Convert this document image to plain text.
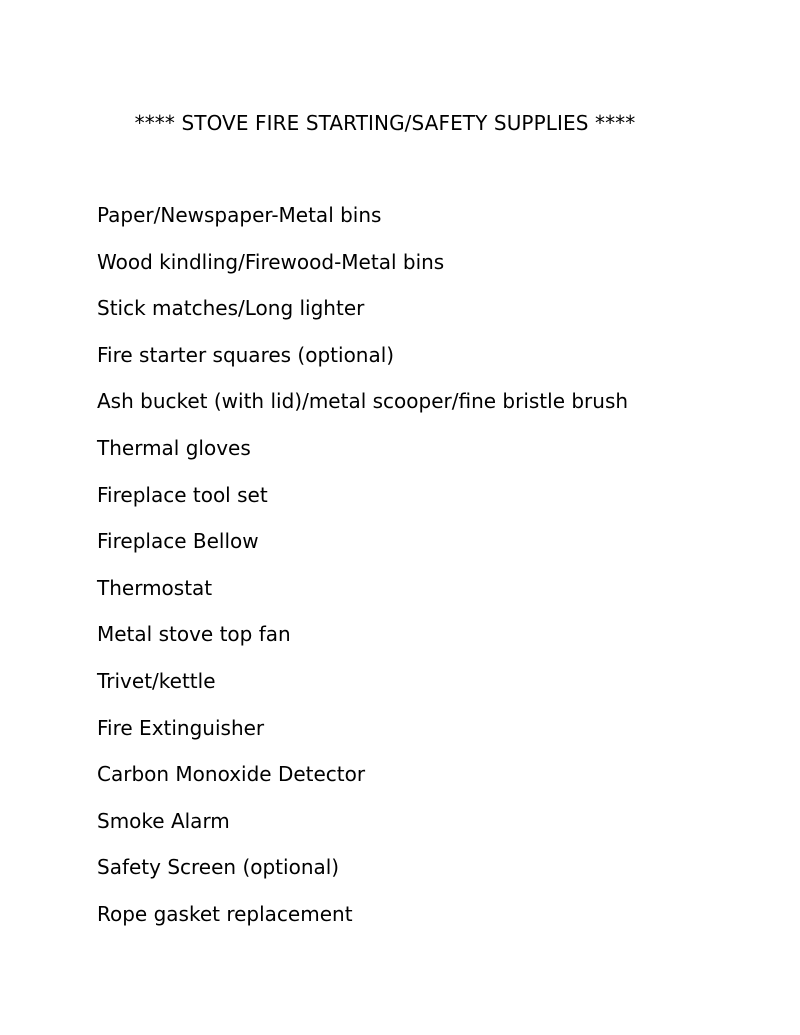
**** STOVE FIRE STARTING/SAFETY SUPPLIES ****
Paper/Newspaper-Metal bins
Wood kindling/Firewood-Metal bins
Stick matches/Long lighter
Fire starter squares (optional)
Ash bucket (with lid)/metal scooper/fine bristle brush
Thermal gloves
Fireplace tool set
Fireplace Bellow
Thermostat
Metal stove top fan
Trivet/kettle
Fire Extinguisher
Carbon Monoxide Detector
Smoke Alarm
Safety Screen (optional)
Rope gasket replacement
